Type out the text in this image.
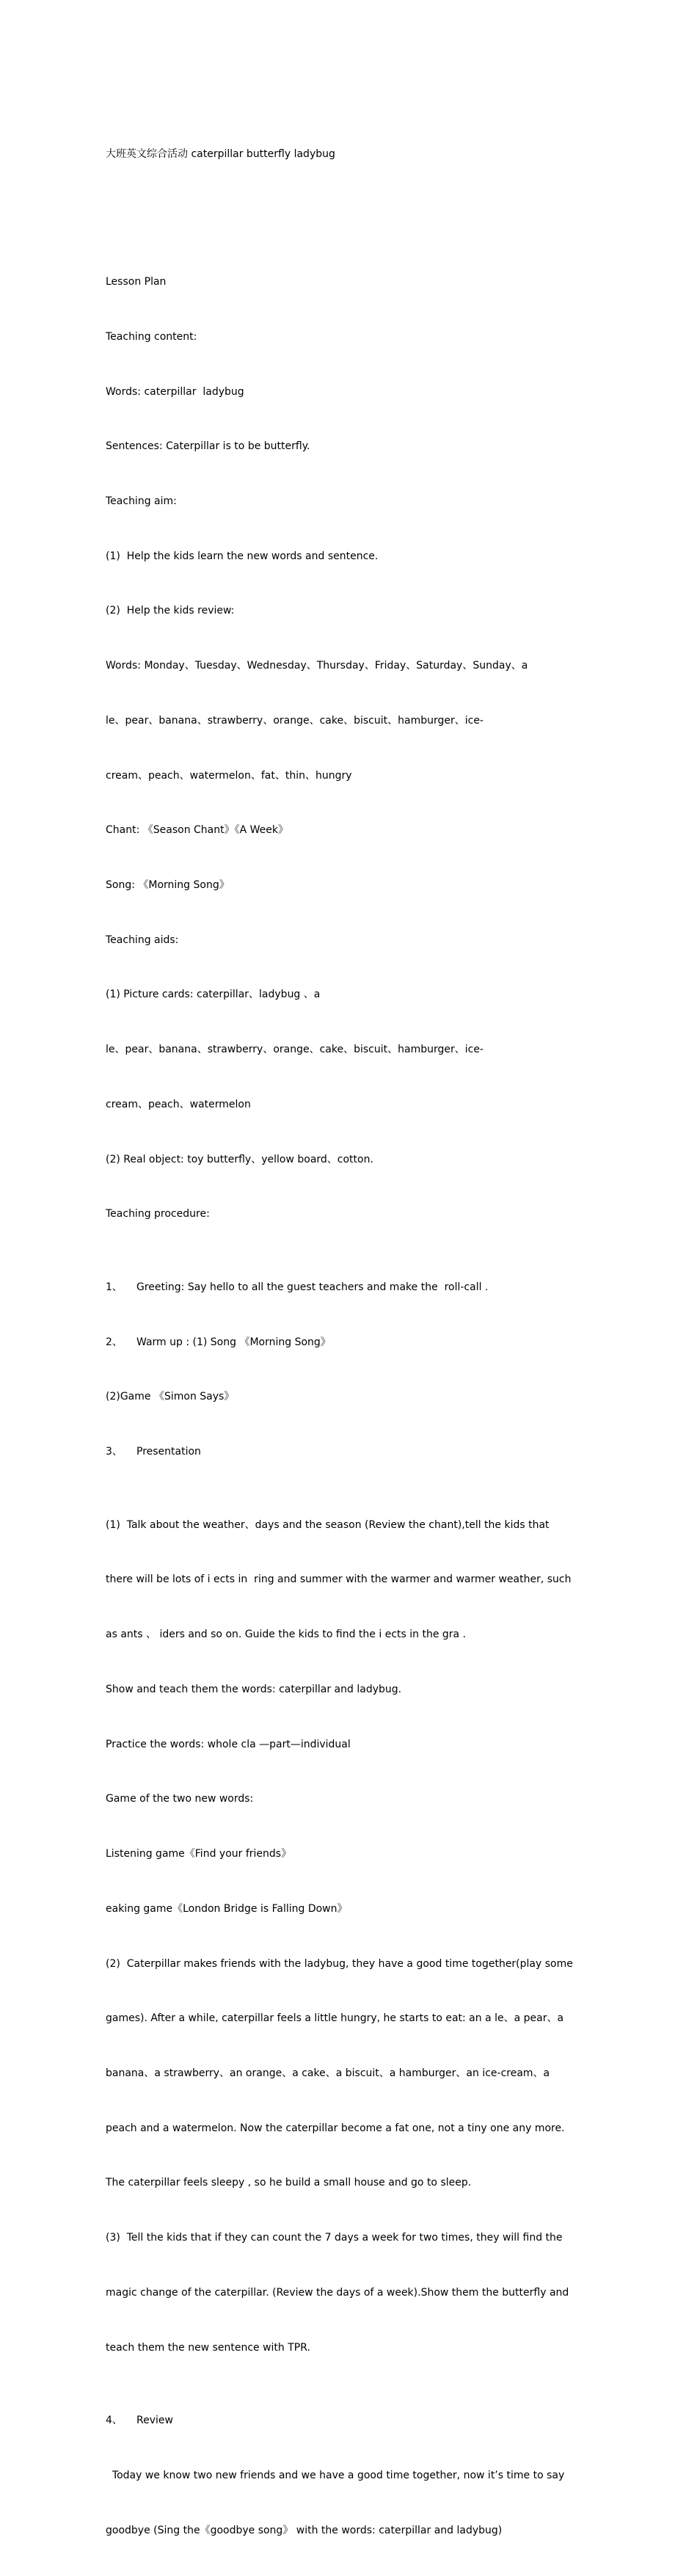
大班英文综合活动 caterpillar butterfly ladybug

Lesson Plan

Teaching content:

Words: caterpillar  ladybug

Sentences: Caterpillar is to be butterfly.

Teaching aim:

(1)  Help the kids learn the new words and sentence.

(2)  Help the kids review:

Words: Monday、Tuesday、Wednesday、Thursday、Friday、Saturday、Sunday、a

le、pear、banana、strawberry、orange、cake、biscuit、hamburger、ice-

cream、peach、watermelon、fat、thin、hungry

Chant: 《Season Chant》《A Week》

Song: 《Morning Song》

Teaching aids:

(1) Picture cards: caterpillar、ladybug 、a

le、pear、banana、strawberry、orange、cake、biscuit、hamburger、ice-

cream、peach、watermelon

(2) Real object: toy butterfly、yellow board、cotton.

Teaching procedure:

1、 Greeting: Say hello to all the guest teachers and make the  roll-call .

2、 Warm up : (1) Song 《Morning Song》

(2)Game 《Simon Says》

3、 Presentation

(1)  Talk about the weather、days and the season (Review the chant),tell the kids that

there will be lots of i ects in  ring and summer with the warmer and warmer weather, such

as ants 、 iders and so on. Guide the kids to find the i ects in the gra .

Show and teach them the words: caterpillar and ladybug.

Practice the words: whole cla —part—individual

Game of the two new words:

Listening game《Find your friends》

eaking game《London Bridge is Falling Down》

(2)  Caterpillar makes friends with the ladybug, they have a good time together(play some

games). After a while, caterpillar feels a little hungry, he starts to eat: an a le、a pear、a

banana、a strawberry、an orange、a cake、a biscuit、a hamburger、an ice-cream、a

peach and a watermelon. Now the caterpillar become a fat one, not a tiny one any more.

The caterpillar feels sleepy , so he build a small house and go to sleep.

(3)  Tell the kids that if they can count the 7 days a week for two times, they will find the

magic change of the caterpillar. (Review the days of a week).Show them the butterfly and

teach them the new sentence with TPR.

4、 Review

Today we know two new friends and we have a good time together, now it’s time to say

goodbye (Sing the《goodbye song》 with the words: caterpillar and ladybug)
